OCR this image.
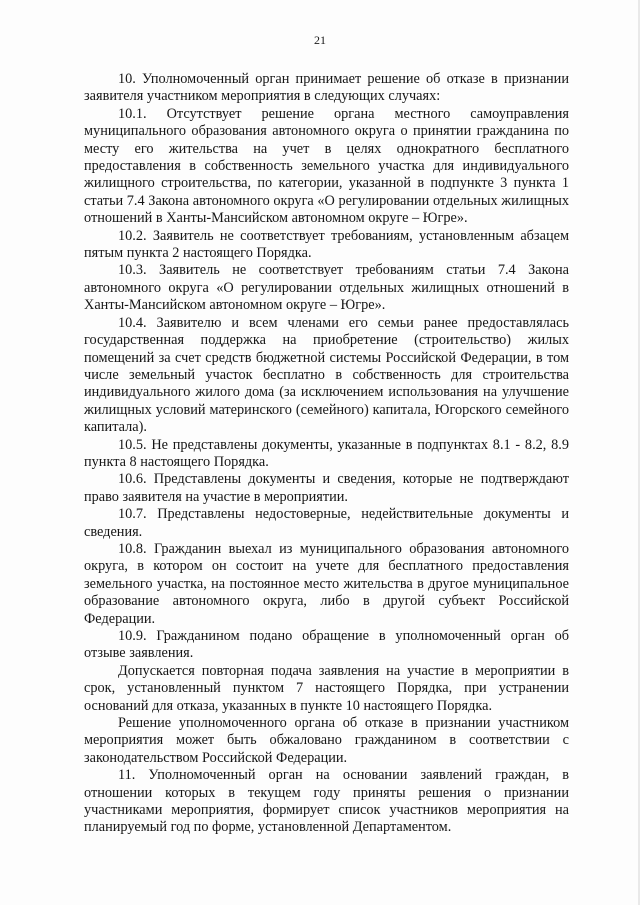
21

10. Уполномоченный орган принимает решение об отказе в признании заявителя участником мероприятия в следующих случаях:

10.1. Отсутствует решение органа местного самоуправления муниципального образования автономного округа о принятии гражданина по месту его жительства на учет в целях однократного бесплатного предоставления в собственность земельного участка для индивидуального жилищного строительства, по категории, указанной в подпункте 3 пункта 1 статьи 7.4 Закона автономного округа «О регулировании отдельных жилищных отношений в Ханты-Мансийском автономном округе – Югре».

10.2. Заявитель не соответствует требованиям, установленным абзацем пятым пункта 2 настоящего Порядка.

10.3. Заявитель не соответствует требованиям статьи 7.4 Закона автономного округа «О регулировании отдельных жилищных отношений в Ханты-Мансийском автономном округе – Югре».

10.4. Заявителю и всем членами его семьи ранее предоставлялась государственная поддержка на приобретение (строительство) жилых помещений за счет средств бюджетной системы Российской Федерации, в том числе земельный участок бесплатно в собственность для строительства индивидуального жилого дома (за исключением использования на улучшение жилищных условий материнского (семейного) капитала, Югорского семейного капитала).

10.5. Не представлены документы, указанные в подпунктах 8.1 - 8.2, 8.9 пункта 8 настоящего Порядка.

10.6. Представлены документы и сведения, которые не подтверждают право заявителя на участие в мероприятии.

10.7. Представлены недостоверные, недействительные документы и сведения.

10.8. Гражданин выехал из муниципального образования автономного округа, в котором он состоит на учете для бесплатного предоставления земельного участка, на постоянное место жительства в другое муниципальное образование автономного округа, либо в другой субъект Российской Федерации.

10.9. Гражданином подано обращение в уполномоченный орган об отзыве заявления.

Допускается повторная подача заявления на участие в мероприятии в срок, установленный пунктом 7 настоящего Порядка, при устранении оснований для отказа, указанных в пункте 10 настоящего Порядка.

Решение уполномоченного органа об отказе в признании участником мероприятия может быть обжаловано гражданином в соответствии с законодательством Российской Федерации.

11. Уполномоченный орган на основании заявлений граждан, в отношении которых в текущем году приняты решения о признании участниками мероприятия, формирует список участников мероприятия на планируемый год по форме, установленной Департаментом.
